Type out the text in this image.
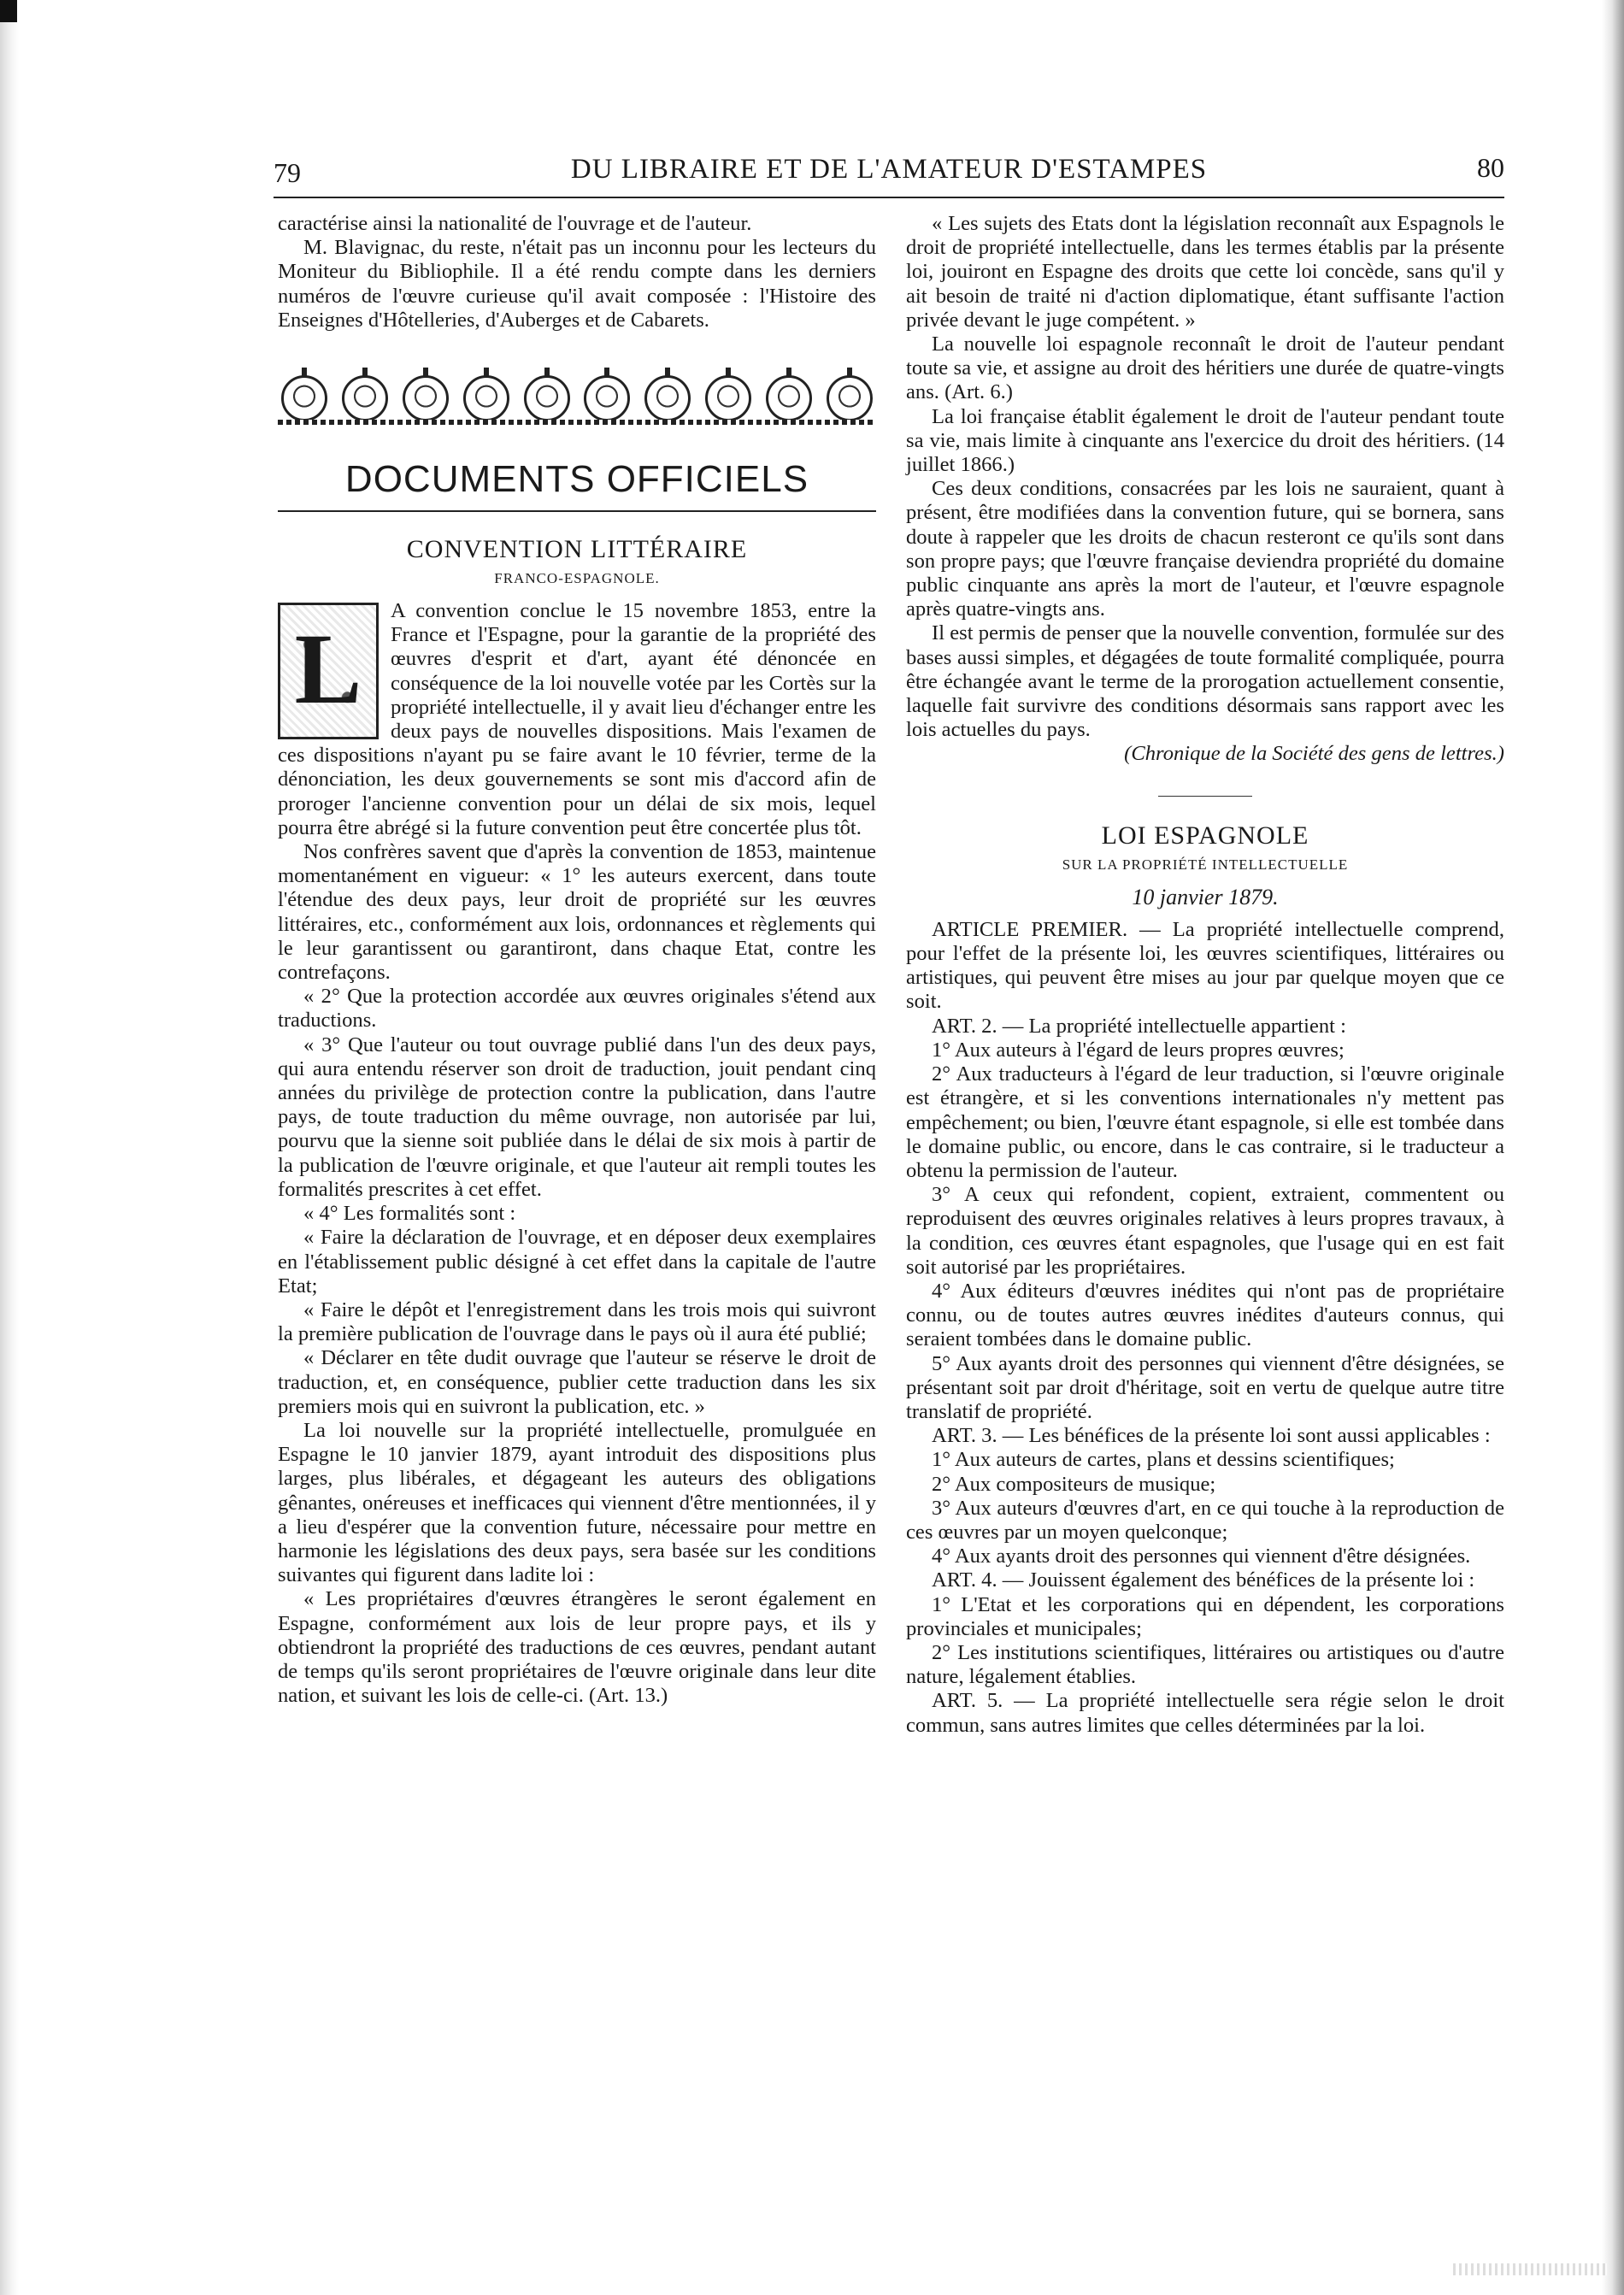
79	DU LIBRAIRE ET DE L'AMATEUR D'ESTAMPES	80

caractérise ainsi la nationalité de l'ouvrage et de l'auteur.

M. Blavignac, du reste, n'était pas un inconnu pour les lecteurs du Moniteur du Bibliophile. Il a été rendu compte dans les derniers numéros de l'œuvre curieuse qu'il avait composée : l'Histoire des Enseignes d'Hôtelleries, d'Auberges et de Cabarets.

DOCUMENTS OFFICIELS
CONVENTION LITTÉRAIRE
FRANCO-ESPAGNOLE.
L

A convention conclue le 15 novembre 1853, entre la France et l'Espagne, pour la garantie de la propriété des œuvres d'esprit et d'art, ayant été dénoncée en conséquence de la loi nouvelle votée par les Cortès sur la propriété intellectuelle, il y avait lieu d'échanger entre les deux pays de nouvelles dispositions. Mais l'examen de ces dispositions n'ayant pu se faire avant le 10 février, terme de la dénonciation, les deux gouvernements se sont mis d'accord afin de proroger l'ancienne convention pour un délai de six mois, lequel pourra être abrégé si la future convention peut être concertée plus tôt.

Nos confrères savent que d'après la convention de 1853, maintenue momentanément en vigueur: « 1° les auteurs exercent, dans toute l'étendue des deux pays, leur droit de propriété sur les œuvres littéraires, etc., conformément aux lois, ordonnances et règlements qui le leur garantissent ou garantiront, dans chaque Etat, contre les contrefaçons.

« 2° Que la protection accordée aux œuvres originales s'étend aux traductions.

« 3° Que l'auteur ou tout ouvrage publié dans l'un des deux pays, qui aura entendu réserver son droit de traduction, jouit pendant cinq années du privilège de protection contre la publication, dans l'autre pays, de toute traduction du même ouvrage, non autorisée par lui, pourvu que la sienne soit publiée dans le délai de six mois à partir de la publication de l'œuvre originale, et que l'auteur ait rempli toutes les formalités prescrites à cet effet.

« 4° Les formalités sont :

« Faire la déclaration de l'ouvrage, et en déposer deux exemplaires en l'établissement public désigné à cet effet dans la capitale de l'autre Etat;

« Faire le dépôt et l'enregistrement dans les trois mois qui suivront la première publication de l'ouvrage dans le pays où il aura été publié;

« Déclarer en tête dudit ouvrage que l'auteur se réserve le droit de traduction, et, en conséquence, publier cette traduction dans les six premiers mois qui en suivront la publication, etc. »

La loi nouvelle sur la propriété intellectuelle, promulguée en Espagne le 10 janvier 1879, ayant introduit des dispositions plus larges, plus libérales, et dégageant les auteurs des obligations gênantes, onéreuses et inefficaces qui viennent d'être mentionnées, il y a lieu d'espérer que la convention future, nécessaire pour mettre en harmonie les législations des deux pays, sera basée sur les conditions suivantes qui figurent dans ladite loi :

« Les propriétaires d'œuvres étrangères le seront également en Espagne, conformément aux lois de leur propre pays, et ils y obtiendront la propriété des traductions de ces œuvres, pendant autant de temps qu'ils seront propriétaires de l'œuvre originale dans leur dite nation, et suivant les lois de celle-ci. (Art. 13.)

« Les sujets des Etats dont la législation reconnaît aux Espagnols le droit de propriété intellectuelle, dans les termes établis par la présente loi, jouiront en Espagne des droits que cette loi concède, sans qu'il y ait besoin de traité ni d'action diplomatique, étant suffisante l'action privée devant le juge compétent. »

La nouvelle loi espagnole reconnaît le droit de l'auteur pendant toute sa vie, et assigne au droit des héritiers une durée de quatre-vingts ans. (Art. 6.)

La loi française établit également le droit de l'auteur pendant toute sa vie, mais limite à cinquante ans l'exercice du droit des héritiers. (14 juillet 1866.)

Ces deux conditions, consacrées par les lois ne sauraient, quant à présent, être modifiées dans la convention future, qui se bornera, sans doute à rappeler que les droits de chacun resteront ce qu'ils sont dans son propre pays; que l'œuvre française deviendra propriété du domaine public cinquante ans après la mort de l'auteur, et l'œuvre espagnole après quatre-vingts ans.

Il est permis de penser que la nouvelle convention, formulée sur des bases aussi simples, et dégagées de toute formalité compliquée, pourra être échangée avant le terme de la prorogation actuellement consentie, laquelle fait survivre des conditions désormais sans rapport avec les lois actuelles du pays.

(Chronique de la Société des gens de lettres.)

LOI ESPAGNOLE
SUR LA PROPRIÉTÉ INTELLECTUELLE
10 janvier 1879.

ARTICLE PREMIER. — La propriété intellectuelle comprend, pour l'effet de la présente loi, les œuvres scientifiques, littéraires ou artistiques, qui peuvent être mises au jour par quelque moyen que ce soit.

ART. 2. — La propriété intellectuelle appartient :

1° Aux auteurs à l'égard de leurs propres œuvres;

2° Aux traducteurs à l'égard de leur traduction, si l'œuvre originale est étrangère, et si les conventions internationales n'y mettent pas empêchement; ou bien, l'œuvre étant espagnole, si elle est tombée dans le domaine public, ou encore, dans le cas contraire, si le traducteur a obtenu la permission de l'auteur.

3° A ceux qui refondent, copient, extraient, commentent ou reproduisent des œuvres originales relatives à leurs propres travaux, à la condition, ces œuvres étant espagnoles, que l'usage qui en est fait soit autorisé par les propriétaires.

4° Aux éditeurs d'œuvres inédites qui n'ont pas de propriétaire connu, ou de toutes autres œuvres inédites d'auteurs connus, qui seraient tombées dans le domaine public.

5° Aux ayants droit des personnes qui viennent d'être désignées, se présentant soit par droit d'héritage, soit en vertu de quelque autre titre translatif de propriété.

ART. 3. — Les bénéfices de la présente loi sont aussi applicables :

1° Aux auteurs de cartes, plans et dessins scientifiques;

2° Aux compositeurs de musique;

3° Aux auteurs d'œuvres d'art, en ce qui touche à la reproduction de ces œuvres par un moyen quelconque;

4° Aux ayants droit des personnes qui viennent d'être désignées.

ART. 4. — Jouissent également des bénéfices de la présente loi :

1° L'Etat et les corporations qui en dépendent, les corporations provinciales et municipales;

2° Les institutions scientifiques, littéraires ou artistiques ou d'autre nature, légalement établies.

ART. 5. — La propriété intellectuelle sera régie selon le droit commun, sans autres limites que celles déterminées par la loi.
